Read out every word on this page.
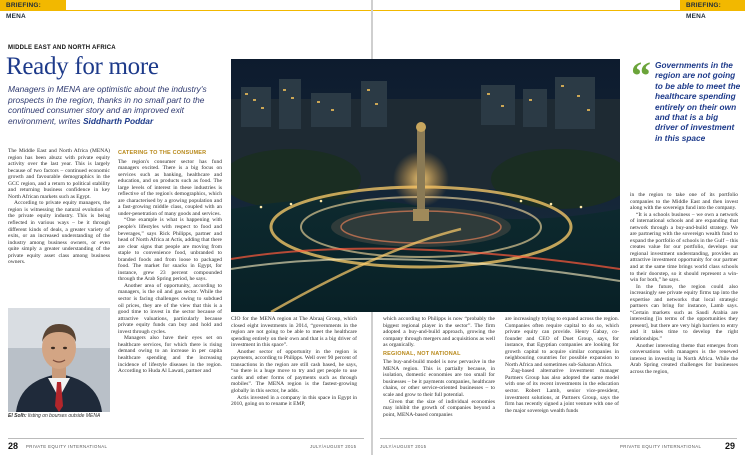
BRIEFING: MENA
BRIEFING: MENA
MIDDLE EAST AND NORTH AFRICA
Ready for more
Managers in MENA are optimistic about the industry's prospects in the region, thanks in no small part to the continued consumer story and an improved exit environment, writes Siddharth Poddar

The Middle East and North Africa (MENA) region has been abuzz with private equity activity over the last year. This is largely because of two factors – continued economic growth and favourable demographics in the GCC region, and a return to political stability and returning business confidence in key North African markets such as Egypt.

According to private equity managers, the region is witnessing the natural evolution of the private equity industry. This is being reflected in various ways – be it through different kinds of deals, a greater variety of exits, or an increased understanding of the industry among business owners, or even quite simply a greater understanding of the private equity asset class among business owners.

CATERING TO THE CONSUMER

The region's consumer sector has fund managers excited. There is a big focus on services such as banking, healthcare and education, and on products such as food. The large levels of interest in these industries is reflective of the region's demographics, which are characterised by a growing population and a fast-growing middle class, coupled with an under-penetration of many goods and services.

“One example is what is happening with people's lifestyles with respect to food and beverages,” says Rick Philipps, partner and head of North Africa at Actis, adding that there are clear signs that people are moving from staple to convenience food, unbranded to branded foods and from loose to packaged food. The market for snacks in Egypt, for instance, grew 23 percent compounded through the Arab Spring period, he says.

Another area of opportunity, according to managers, is the oil and gas sector. While the sector is facing challenges owing to subdued oil prices, they are of the view that this is a good time to invest in the sector because of attractive valuations, particularly because private equity funds can buy and hold and invest through cycles.

Managers also have their eyes set on healthcare services, for which there is rising demand owing to an increase in per capita healthcare spending and the increasing incidence of lifestyle diseases in the region. According to Huda Al Lawati, partner and

El Solh: listing on bourses outside MENA

CIO for the MENA region at The Abraaj Group, which closed eight investments in 2014, “governments in the region are not going to be able to meet the healthcare spending entirely on their own and that is a big driver of investment in this space”.

Another sector of opportunity in the region is payments, according to Philipps. Well over 90 percent of transactions in the region are still cash based, he says, “so there is a huge move to try and get people to use cards and other forms of payments such as through mobiles”. The MENA region is the fastest-growing globally in this sector, he adds.

Actis invested in a company in this space in Egypt in 2010, going on to rename it EMP,

which according to Philipps is now “probably the biggest regional player in the sector”. The firm adopted a buy-and-build approach, growing the company through mergers and acquisitions as well as organically.

REGIONAL, NOT NATIONAL

The buy-and-build model is now pervasive in the MENA region. This is partially because, in isolation, domestic economies are too small for businesses – be it payments companies, healthcare chains, or other service-oriented businesses – to scale and grow to their full potential.

Given that the size of individual economies may inhibit the growth of companies beyond a point, MENA-based companies

are increasingly trying to expand across the region. Companies often require capital to do so, which private equity can provide. Henry Gabay, co-founder and CEO of Duet Group, says, for instance, that Egyptian companies are looking for growth capital to acquire similar companies in neighbouring countries for possible expansion to North Africa and sometimes sub-Saharan Africa.

Zug-based alternative investment manager Partners Group has also adopted the same model with one of its recent investments in the education sector. Robert Lamb, senior vice-president, investment solutions, at Partners Group, says the firm has recently signed a joint venture with one of the major sovereign wealth funds

“ Governments in the region are not going to be able to meet the healthcare spending entirely on their own and that is a big driver of investment in this space

in the region to take one of its portfolio companies to the Middle East and then invest along with the sovereign fund into the company.

“It is a schools business – we own a network of international schools and are expanding that network through a buy-and-build strategy. We are partnering with the sovereign wealth fund to expand the portfolio of schools in the Gulf – this creates value for our portfolio, develops our regional investment understanding, provides an attractive investment opportunity for our partner and at the same time brings world class schools to their doorstep, so it should represent a win-win for both,” he says.

In the future, the region could also increasingly see private equity firms tap into the expertise and networks that local strategic partners can bring for instance, Lamb says. “Certain markets such as Saudi Arabia are interesting [in terms of the opportunities they present], but there are very high barriers to entry and it takes time to develop the right relationships.”

Another interesting theme that emerges from conversations with managers is the renewed interest in investing in North Africa. While the Arab Spring created challenges for businesses across the region,

28 PRIVATE EQUITY INTERNATIONAL	JULY/AUGUST 2015	JULY/AUGUST 2015	PRIVATE EQUITY INTERNATIONAL	29
